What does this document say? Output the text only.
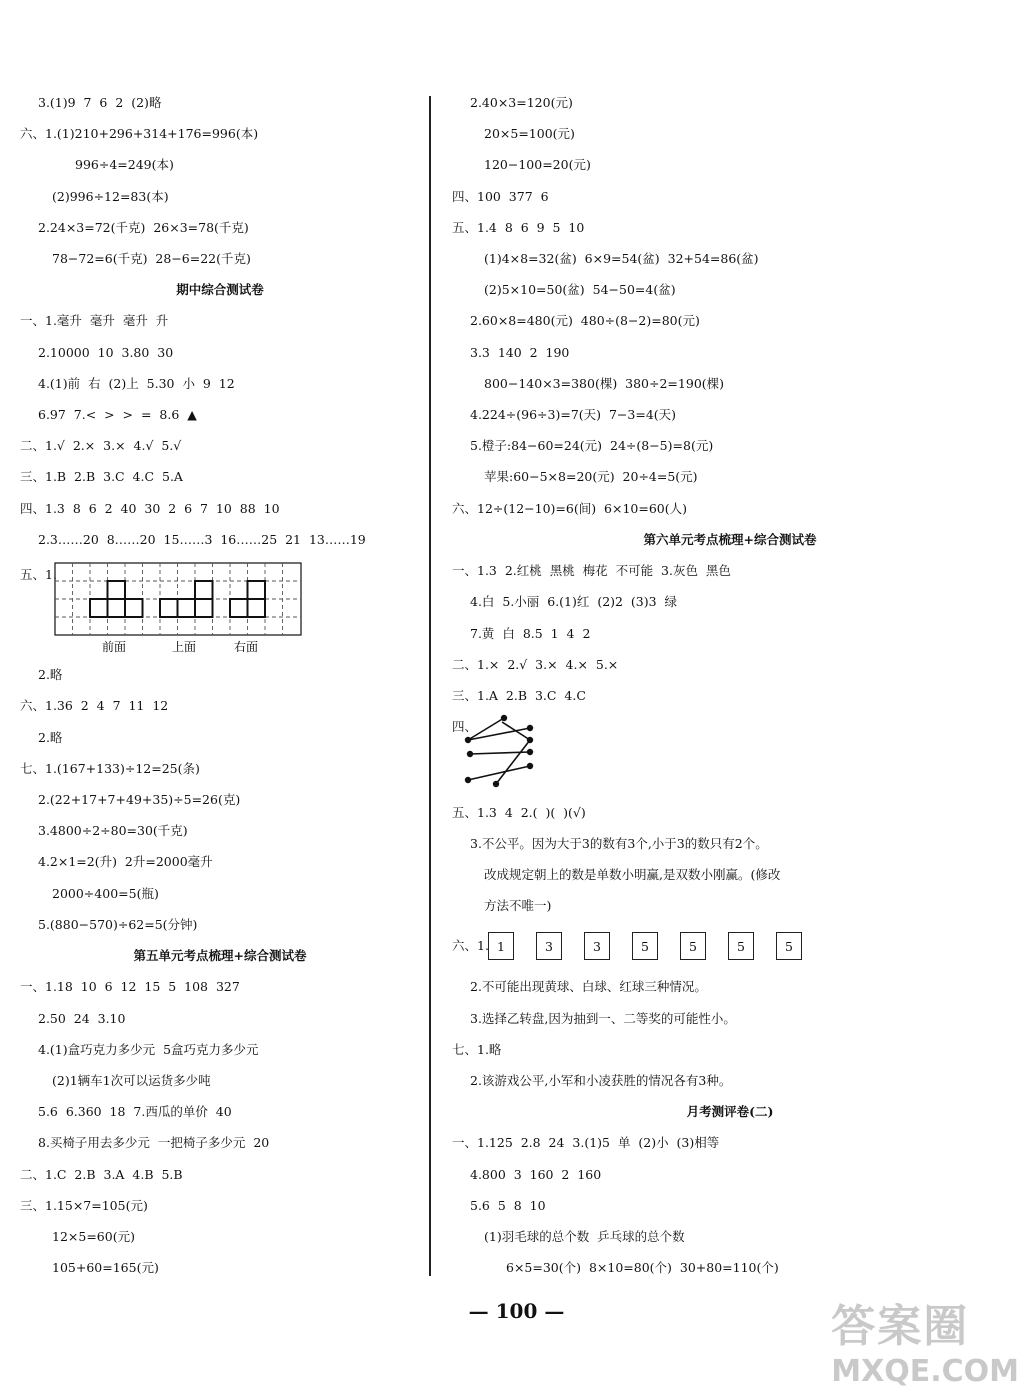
3.(1)9  7  6  2  (2)略
六、1.(1)210+296+314+176=996(本)
996÷4=249(本)
(2)996÷12=83(本)
2.24×3=72(千克)  26×3=78(千克)
78−72=6(千克)  28−6=22(千克)
期中综合测试卷
一、1.毫升  毫升  毫升  升
2.10000  10  3.80  30
4.(1)前  右  (2)上  5.30  小  9  12
6.97  7.<  >  >  =  8.6  ▲
二、1.√  2.×  3.×  4.√  5.√
三、1.B  2.B  3.C  4.C  5.A
四、1.3  8  6  2  40  30  2  6  7  10  88  10
2.3……20  8……20  15……3  16……25  21  13……19
五、1.
前面	上面	右面
2.略
六、1.36  2  4  7  11  12
2.略
七、1.(167+133)÷12=25(条)
2.(22+17+7+49+35)÷5=26(克)
3.4800÷2÷80=30(千克)
4.2×1=2(升)  2升=2000毫升
2000÷400=5(瓶)
5.(880−570)÷62=5(分钟)
第五单元考点梳理+综合测试卷
一、1.18  10  6  12  15  5  108  327
2.50  24  3.10
4.(1)盒巧克力多少元  5盒巧克力多少元
(2)1辆车1次可以运货多少吨
5.6  6.360  18  7.西瓜的单价  40
8.买椅子用去多少元  一把椅子多少元  20
二、1.C  2.B  3.A  4.B  5.B
三、1.15×7=105(元)
12×5=60(元)
105+60=165(元)
2.40×3=120(元)
20×5=100(元)
120−100=20(元)
四、100  377  6
五、1.4  8  6  9  5  10
(1)4×8=32(盆)  6×9=54(盆)  32+54=86(盆)
(2)5×10=50(盆)  54−50=4(盆)
2.60×8=480(元)  480÷(8−2)=80(元)
3.3  140  2  190
800−140×3=380(棵)  380÷2=190(棵)
4.224÷(96÷3)=7(天)  7−3=4(天)
5.橙子:84−60=24(元)  24÷(8−5)=8(元)
苹果:60−5×8=20(元)  20÷4=5(元)
六、12÷(12−10)=6(间)  6×10=60(人)
第六单元考点梳理+综合测试卷
一、1.3  2.红桃  黑桃  梅花  不可能  3.灰色  黑色
4.白  5.小丽  6.(1)红  (2)2  (3)3  绿
7.黄  白  8.5  1  4  2
二、1.×  2.√  3.×  4.×  5.×
三、1.A  2.B  3.C  4.C
四、
五、1.3  4  2.(  )(  )(√)
3.不公平。因为大于3的数有3个,小于3的数只有2个。
改成规定朝上的数是单数小明赢,是双数小刚赢。(修改
方法不唯一)
六、1. 1	3	3	5	5	5	5
2.不可能出现黄球、白球、红球三种情况。
3.选择乙转盘,因为抽到一、二等奖的可能性小。
七、1.略
2.该游戏公平,小军和小凌获胜的情况各有3种。
月考测评卷(二)
一、1.125  2.8  24  3.(1)5  单  (2)小  (3)相等
4.800  3  160  2  160
5.6  5  8  10
(1)羽毛球的总个数  乒乓球的总个数
6×5=30(个)  8×10=80(个)  30+80=110(个)
— 100 —	答案圈
MXQE.COM
